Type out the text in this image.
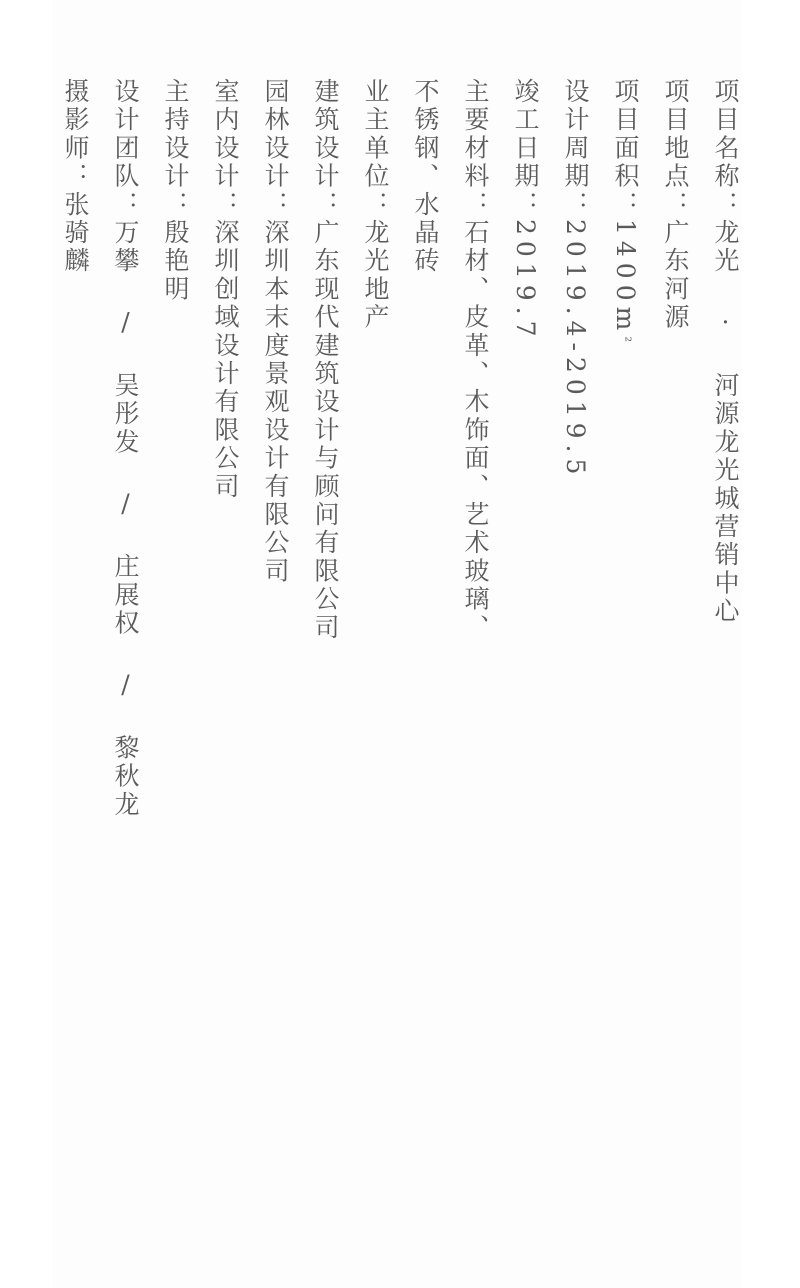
项目名称：龙光 · 河源龙光城营销中心
项目地点：广东河源
项目面积：1400m²
设计周期：2019.4-2019.5
竣工日期：2019.7
主要材料：石材、皮革、木饰面、艺术玻璃、
不锈钢、水晶砖
业主单位：龙光地产
建筑设计：广东现代建筑设计与顾问有限公司
园林设计：深圳本末度景观设计有限公司
室内设计：深圳创域设计有限公司
主持设计：殷艳明
设计团队：万攀 / 吴彤发 / 庄展权 / 黎秋龙
摄影师：张骑麟
